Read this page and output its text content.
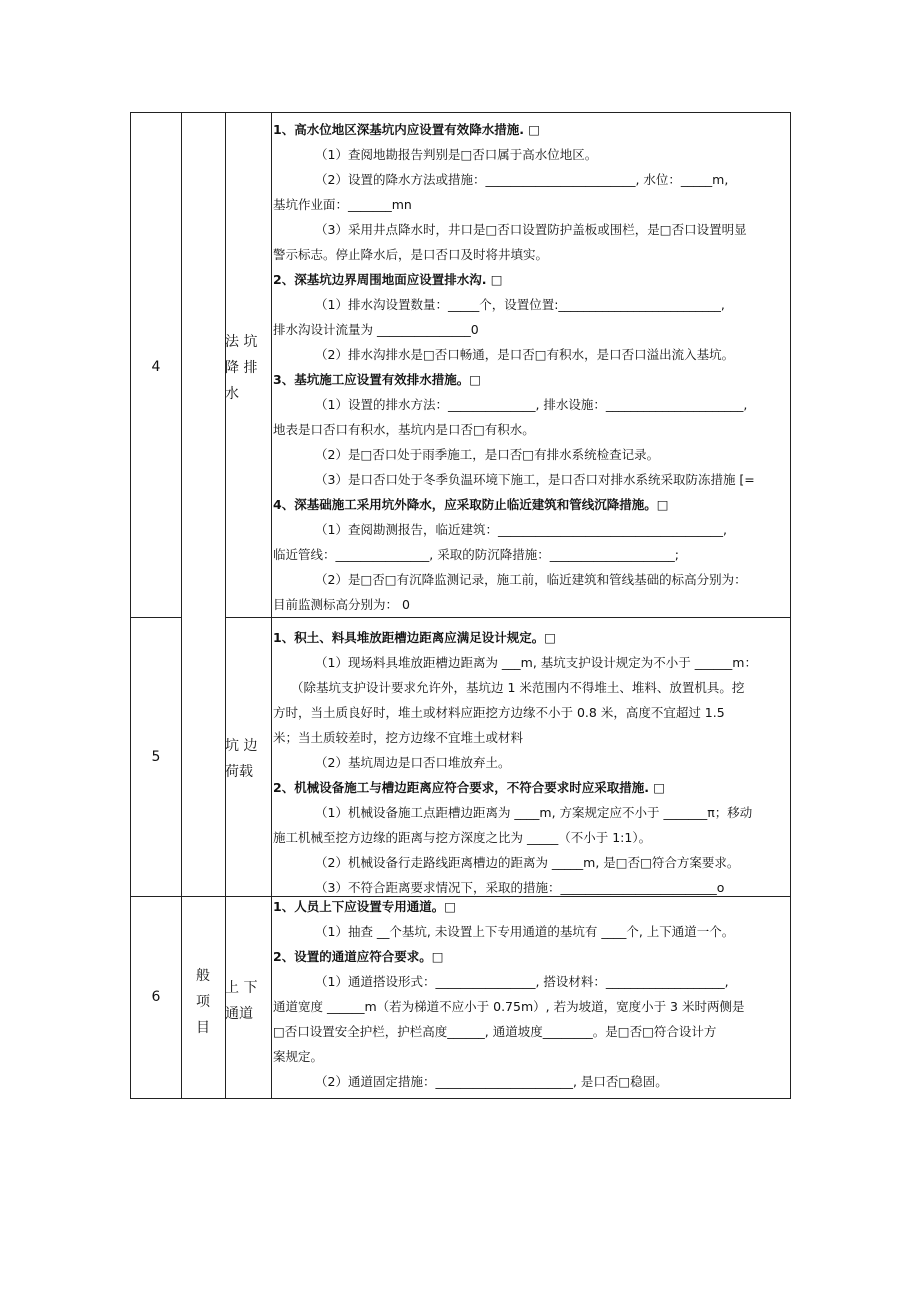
4
法 坑
降 排
水
1、高水位地区深基坑内应设置有效降水措施. □
（1）查阅地勘报告判别是□否口属于高水位地区。
（2）设置的降水方法或措施：________________________, 水位：_____m,
基坑作业面：_______mn
（3）采用井点降水时，井口是□否口设置防护盖板或围栏，是□否口设置明显
警示标志。停止降水后，是口否口及时将井填实。
2、深基坑边界周围地面应设置排水沟. □
（1）排水沟设置数量：_____个，设置位置:__________________________,
排水沟设计流量为 _______________0
（2）排水沟排水是□否口畅通，是口否□有积水，是口否口溢出流入基坑。
3、基坑施工应设置有效排水措施。□
（1）设置的排水方法：______________, 排水设施：______________________,
地表是口否口有积水，基坑内是口否□有积水。
（2）是□否口处于雨季施工，是口否□有排水系统检查记录。
（3）是口否口处于冬季负温环境下施工，是口否口对排水系统采取防冻措施 [=
4、深基础施工采用坑外降水，应采取防止临近建筑和管线沉降措施。□
（1）查阅勘测报告，临近建筑：____________________________________,
临近管线：_______________, 采取的防沉降措施：____________________;
（2）是□否□有沉降监测记录，施工前，临近建筑和管线基础的标高分别为：
目前监测标高分别为： 0
5
坑 边
荷载
1、积土、料具堆放距槽边距离应满足设计规定。□
（1）现场料具堆放距槽边距离为 ___m, 基坑支护设计规定为不小于 ______m：
（除基坑支护设计要求允许外，基坑边 1 米范围内不得堆土、堆料、放置机具。挖
方时，当土质良好时，堆土或材料应距挖方边缘不小于 0.8 米，高度不宜超过 1.5
米；当土质较差时，挖方边缘不宜堆土或材料
（2）基坑周边是口否口堆放弃土。
2、机械设备施工与槽边距离应符合要求，不符合要求时应采取措施. □
（1）机械设备施工点距槽边距离为 ____m, 方案规定应不小于 _______π；移动
施工机械至挖方边缘的距离与挖方深度之比为 _____（不小于 1:1）。
（2）机械设备行走路线距离槽边的距离为 _____m, 是□否□符合方案要求。
（3）不符合距离要求情况下，采取的措施：_________________________o
6
般
项
目
上 下
通道
1、人员上下应设置专用通道。□
（1）抽查 __个基坑, 未设置上下专用通道的基坑有 ____个, 上下通道一个。
2、设置的通道应符合要求。□
（1）通道搭设形式：________________, 搭设材料：___________________,
通道宽度 ______m（若为梯道不应小于 0.75m）, 若为坡道，宽度小于 3 米时两侧是
□否口设置安全护栏，护栏高度______, 通道坡度________。是□否□符合设计方
案规定。
（2）通道固定措施：______________________, 是口否□稳固。
